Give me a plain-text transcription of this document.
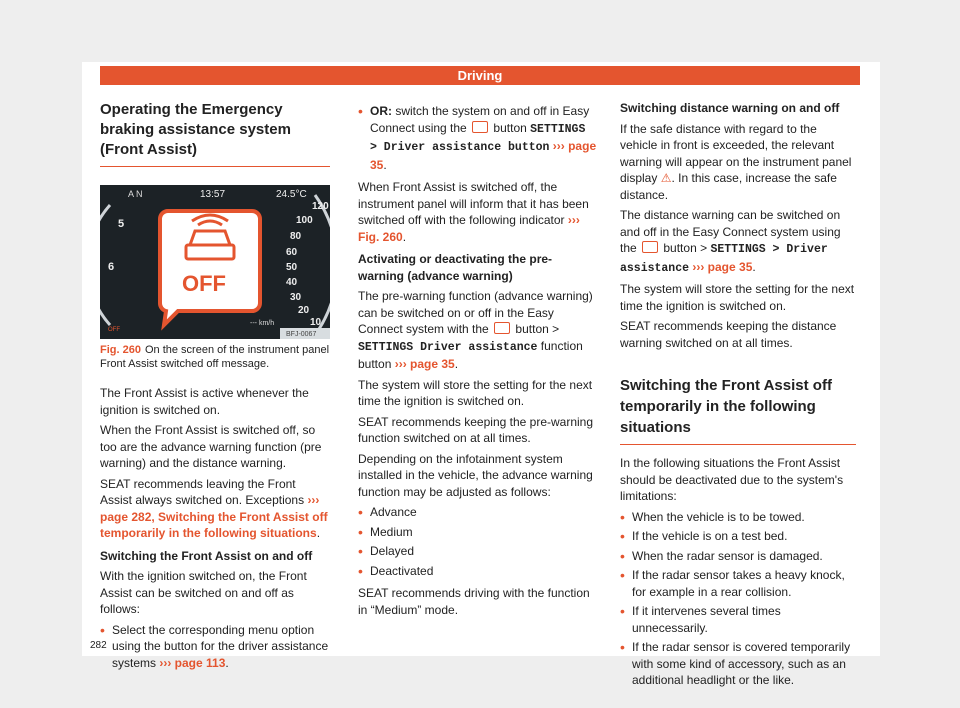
Driving
Operating the Emergency braking assistance system (Front Assist)
N
A	13:57	24.5°C
5
6
120
100
80
60
50
40
30
20
10
OFF
OFF
--- km/h
BFJ-0067
Fig. 260 On the screen of the instrument panel Front Assist switched off message.

The Front Assist is active whenever the ignition is switched on.

When the Front Assist is switched off, so too are the advance warning function (pre warning) and the distance warning.

SEAT recommends leaving the Front Assist always switched on. Exceptions ››› page 282, Switching the Front Assist off temporarily in the following situations.

Switching the Front Assist on and off

With the ignition switched on, the Front Assist can be switched on and off as follows:

• Select the corresponding menu option using the button for the driver assistance systems ››› page 113.
• OR: switch the system on and off in Easy Connect using the button SETTINGS > Driver assistance button ››› page 35.

When Front Assist is switched off, the instrument panel will inform that it has been switched off with the following indicator ››› Fig. 260.

Activating or deactivating the pre-warning (advance warning)

The pre-warning function (advance warning) can be switched on or off in the Easy Connect system with the button > SETTINGS Driver assistance function button ››› page 35.

The system will store the setting for the next time the ignition is switched on.

SEAT recommends keeping the pre-warning function switched on at all times.

Depending on the infotainment system installed in the vehicle, the advance warning function may be adjusted as follows:

• Advance
• Medium
• Delayed
• Deactivated

SEAT recommends driving with the function in “Medium” mode.

Switching distance warning on and off

If the safe distance with regard to the vehicle in front is exceeded, the relevant warning will appear on the instrument panel display ⚠. In this case, increase the safe distance.

The distance warning can be switched on and off in the Easy Connect system using the button > SETTINGS > Driver assistance ››› page 35.

The system will store the setting for the next time the ignition is switched on.

SEAT recommends keeping the distance warning switched on at all times.

Switching the Front Assist off temporarily in the following situations

In the following situations the Front Assist should be deactivated due to the system's limitations:

• When the vehicle is to be towed.
• If the vehicle is on a test bed.
• When the radar sensor is damaged.
• If the radar sensor takes a heavy knock, for example in a rear collision.
• If it intervenes several times unnecessarily.
• If the radar sensor is covered temporarily with some kind of accessory, such as an additional headlight or the like.
282
